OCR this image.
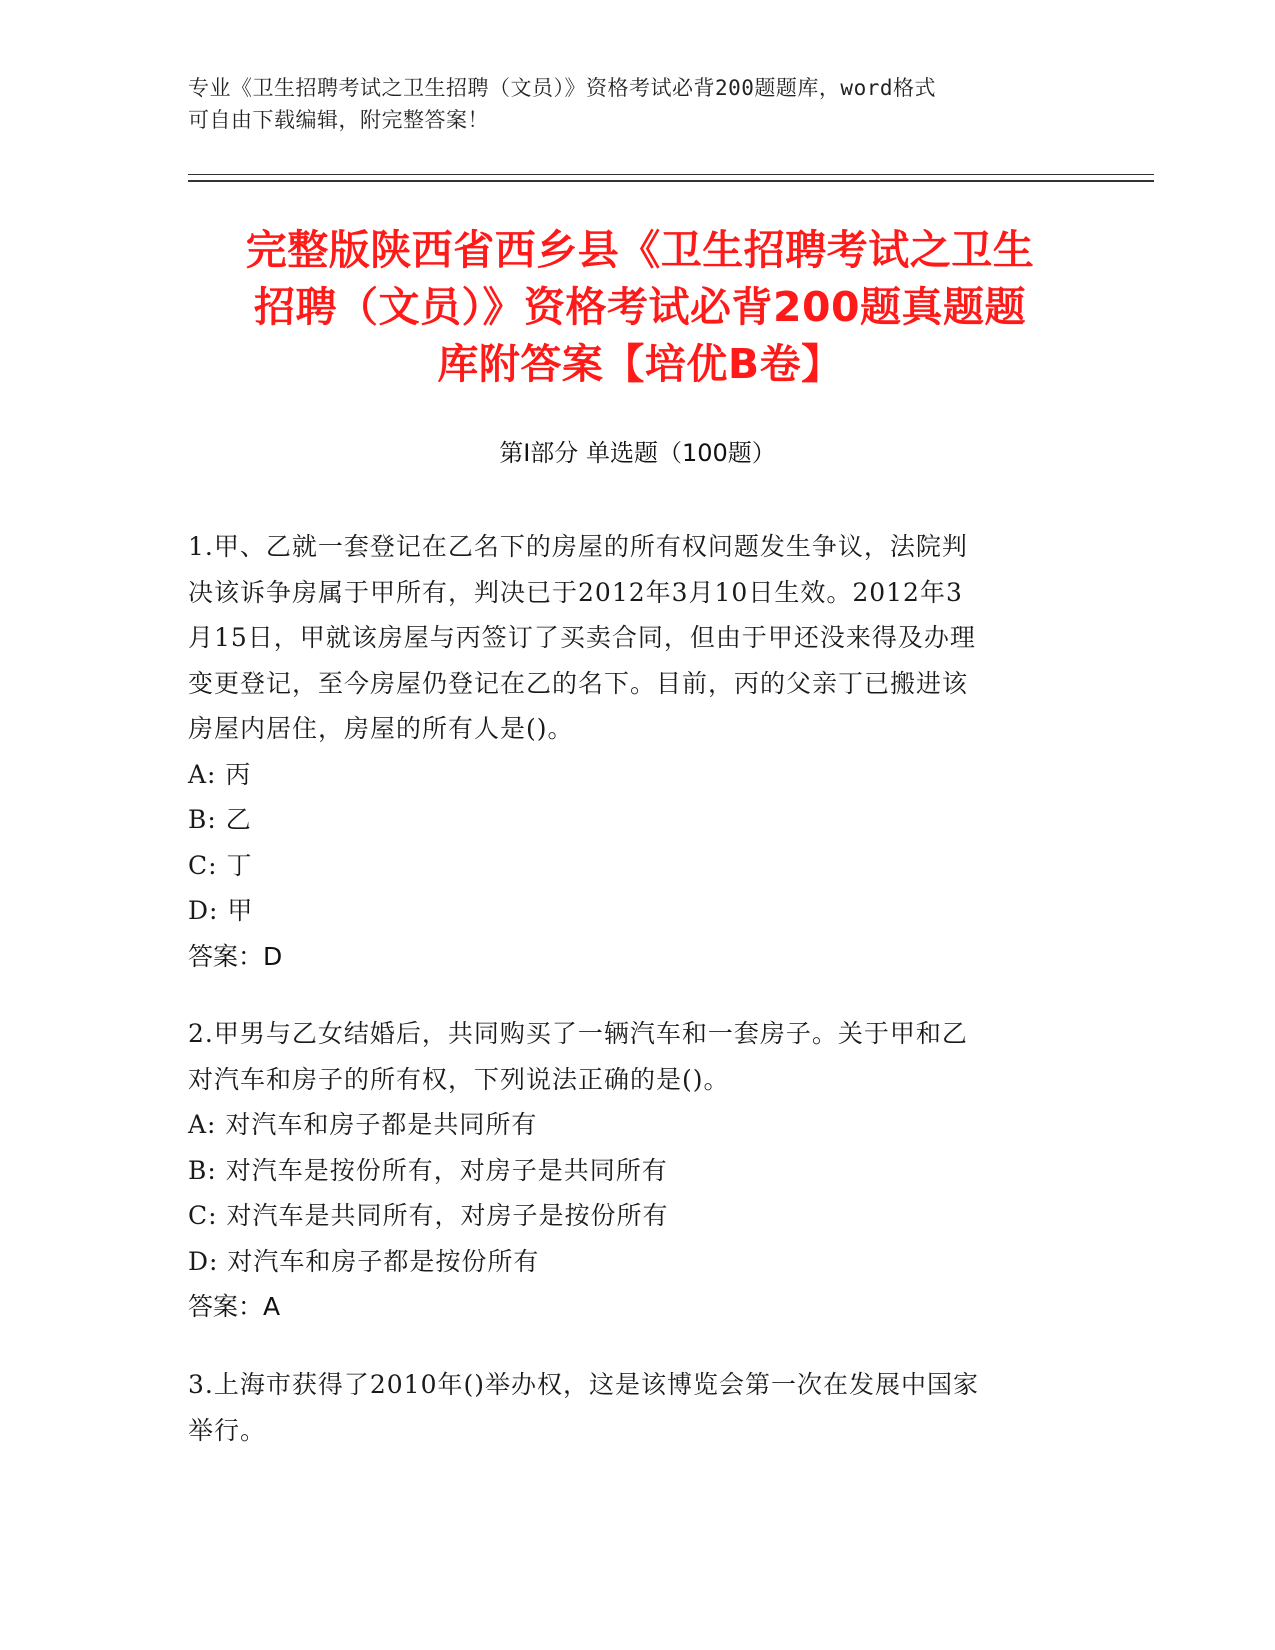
专业《卫生招聘考试之卫生招聘（文员）》资格考试必背200题题库，word格式
可自由下载编辑，附完整答案！
完整版陕西省西乡县《卫生招聘考试之卫生
招聘（文员）》资格考试必背200题真题题
库附答案【培优B卷】
第I部分 单选题（100题）
1.甲、乙就一套登记在乙名下的房屋的所有权问题发生争议，法院判
决该诉争房属于甲所有，判决已于2012年3月10日生效。2012年3
月15日，甲就该房屋与丙签订了买卖合同，但由于甲还没来得及办理
变更登记，至今房屋仍登记在乙的名下。目前，丙的父亲丁已搬进该
房屋内居住，房屋的所有人是()。
A: 丙
B: 乙
C: 丁
D: 甲
答案：D
2.甲男与乙女结婚后，共同购买了一辆汽车和一套房子。关于甲和乙
对汽车和房子的所有权，下列说法正确的是()。
A: 对汽车和房子都是共同所有
B: 对汽车是按份所有，对房子是共同所有
C: 对汽车是共同所有，对房子是按份所有
D: 对汽车和房子都是按份所有
答案：A
3.上海市获得了2010年()举办权，这是该博览会第一次在发展中国家
举行。
